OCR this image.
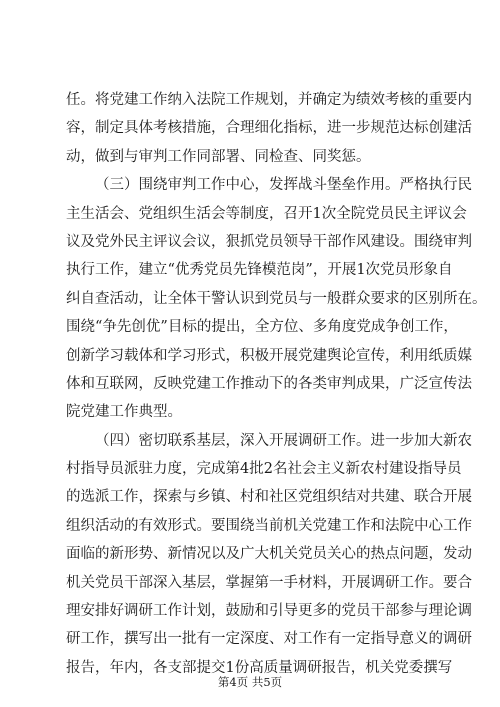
任。将党建工作纳入法院工作规划，并确定为绩效考核的重要内
容，制定具体考核措施，合理细化指标，进一步规范达标创建活
动，做到与审判工作同部署、同检查、同奖惩。
（三）围绕审判工作中心，发挥战斗堡垒作用。严格执行民
主生活会、党组织生活会等制度，召开1次全院党员民主评议会
议及党外民主评议会议，狠抓党员领导干部作风建设。围绕审判
执行工作，建立“优秀党员先锋模范岗”，开展1次党员形象自
纠自查活动，让全体干警认识到党员与一般群众要求的区别所在。
围绕“争先创优”目标的提出，全方位、多角度党成争创工作，
创新学习载体和学习形式，积极开展党建舆论宣传，利用纸质媒
体和互联网，反映党建工作推动下的各类审判成果，广泛宣传法
院党建工作典型。
（四）密切联系基层，深入开展调研工作。进一步加大新农
村指导员派驻力度，完成第4批2名社会主义新农村建设指导员
的选派工作，探索与乡镇、村和社区党组织结对共建、联合开展
组织活动的有效形式。要围绕当前机关党建工作和法院中心工作
面临的新形势、新情况以及广大机关党员关心的热点问题，发动
机关党员干部深入基层，掌握第一手材料，开展调研工作。要合
理安排好调研工作计划，鼓励和引导更多的党员干部参与理论调
研工作，撰写出一批有一定深度、对工作有一定指导意义的调研
报告，年内，各支部提交1份高质量调研报告，机关党委撰写
第4页 共5页
